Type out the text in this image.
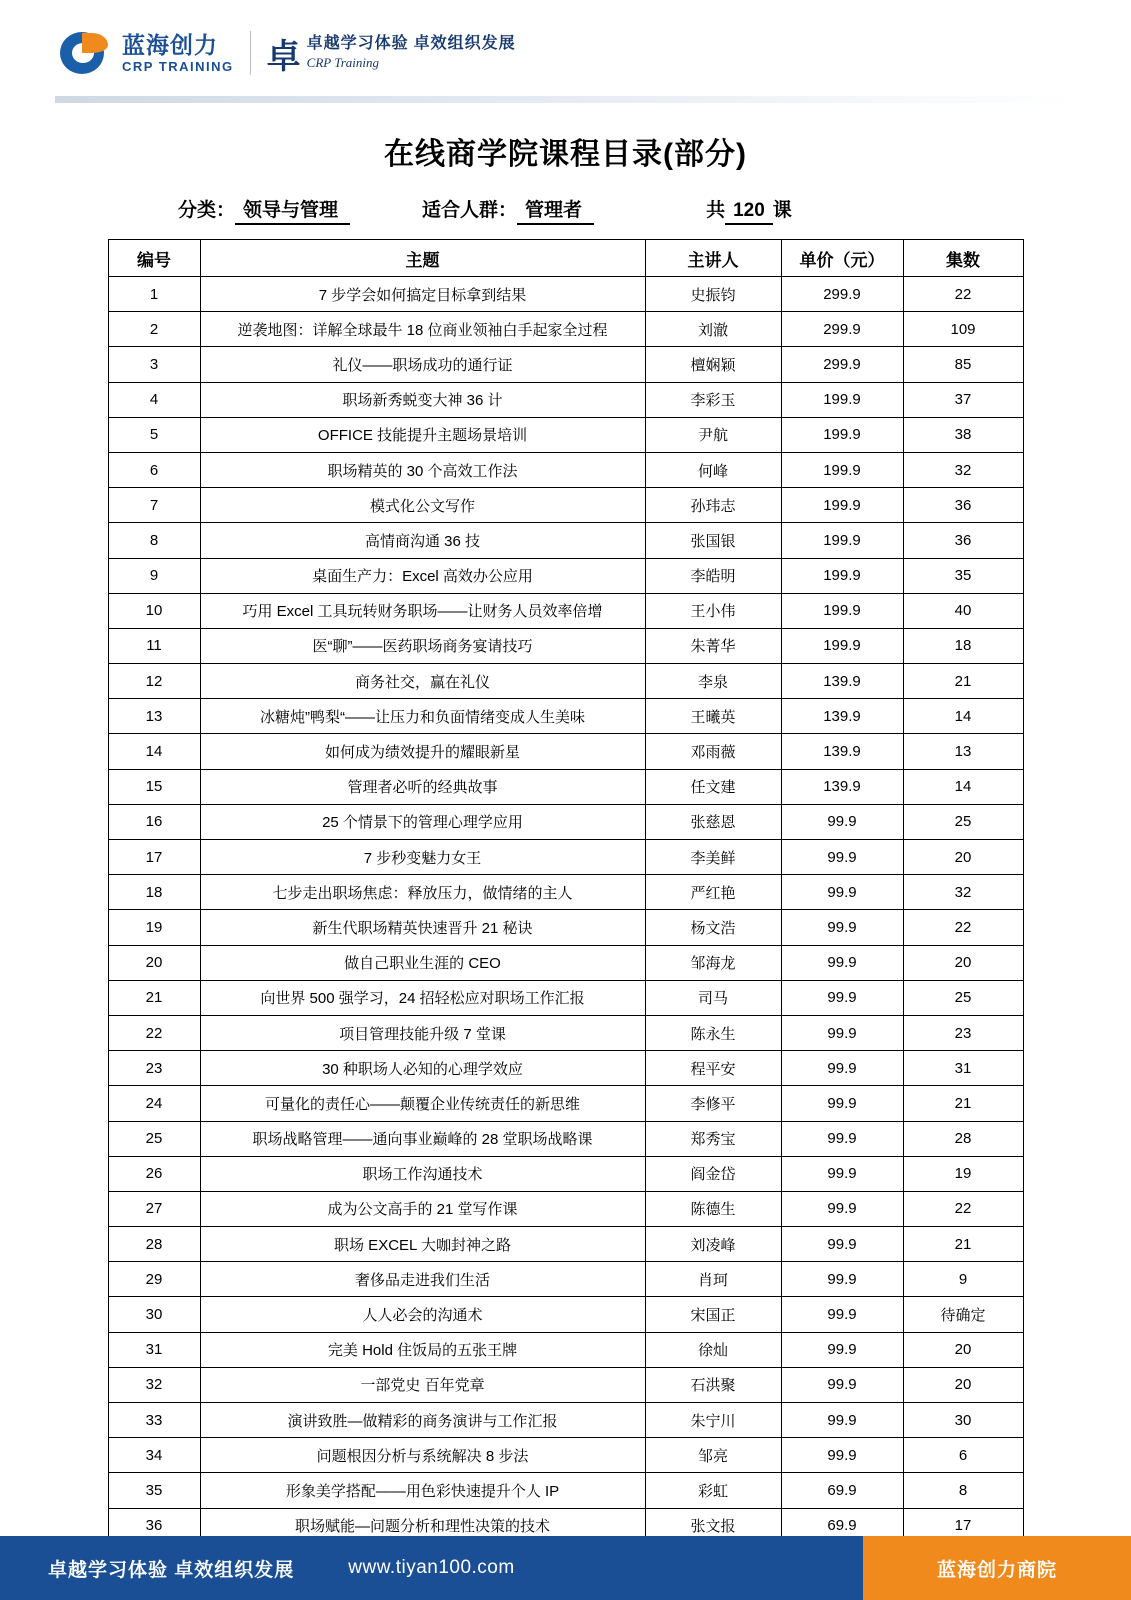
蓝海创力
CRP TRAINING 卓 卓越学习体验 卓效组织发展
CRP Training
在线商学院课程目录(部分)
分类： 领导与管理	适合人群： 管理者	共 120 课
编号	主题	主讲人	单价（元）	集数
1	7 步学会如何搞定目标拿到结果	史振钧	299.9	22
2	逆袭地图：详解全球最牛 18 位商业领袖白手起家全过程	刘澈	299.9	109
3	礼仪——职场成功的通行证	檀娴颖	299.9	85
4	职场新秀蜕变大神 36 计	李彩玉	199.9	37
5	OFFICE 技能提升主题场景培训	尹航	199.9	38
6	职场精英的 30 个高效工作法	何峰	199.9	32
7	模式化公文写作	孙玮志	199.9	36
8	高情商沟通 36 技	张国银	199.9	36
9	桌面生产力：Excel 高效办公应用	李皓明	199.9	35
10	巧用 Excel 工具玩转财务职场——让财务人员效率倍增	王小伟	199.9	40
11	医“聊”——医药职场商务宴请技巧	朱菁华	199.9	18
12	商务社交，赢在礼仪	李泉	139.9	21
13	冰糖炖”鸭梨“——让压力和负面情绪变成人生美味	王曦英	139.9	14
14	如何成为绩效提升的耀眼新星	邓雨薇	139.9	13
15	管理者必听的经典故事	任文建	139.9	14
16	25 个情景下的管理心理学应用	张慈恩	99.9	25
17	7 步秒变魅力女王	李美鲜	99.9	20
18	七步走出职场焦虑：释放压力，做情绪的主人	严红艳	99.9	32
19	新生代职场精英快速晋升 21 秘诀	杨文浩	99.9	22
20	做自己职业生涯的 CEO	邹海龙	99.9	20
21	向世界 500 强学习，24 招轻松应对职场工作汇报	司马	99.9	25
22	项目管理技能升级 7 堂课	陈永生	99.9	23
23	30 种职场人必知的心理学效应	程平安	99.9	31
24	可量化的责任心——颠覆企业传统责任的新思维	李修平	99.9	21
25	职场战略管理——通向事业巅峰的 28 堂职场战略课	郑秀宝	99.9	28
26	职场工作沟通技术	阎金岱	99.9	19
27	成为公文高手的 21 堂写作课	陈德生	99.9	22
28	职场 EXCEL 大咖封神之路	刘凌峰	99.9	21
29	奢侈品走进我们生活	肖珂	99.9	9
30	人人必会的沟通术	宋国正	99.9	待确定
31	完美 Hold 住饭局的五张王牌	徐灿	99.9	20
32	一部党史 百年党章	石洪聚	99.9	20
33	演讲致胜—做精彩的商务演讲与工作汇报	朱宁川	99.9	30
34	问题根因分析与系统解决 8 步法	邹亮	99.9	6
35	形象美学搭配——用色彩快速提升个人 IP	彩虹	69.9	8
36	职场赋能—问题分析和理性决策的技术	张文报	69.9	17
卓越学习体验 卓效组织发展	www.tiyan100.com	蓝海创力商院
